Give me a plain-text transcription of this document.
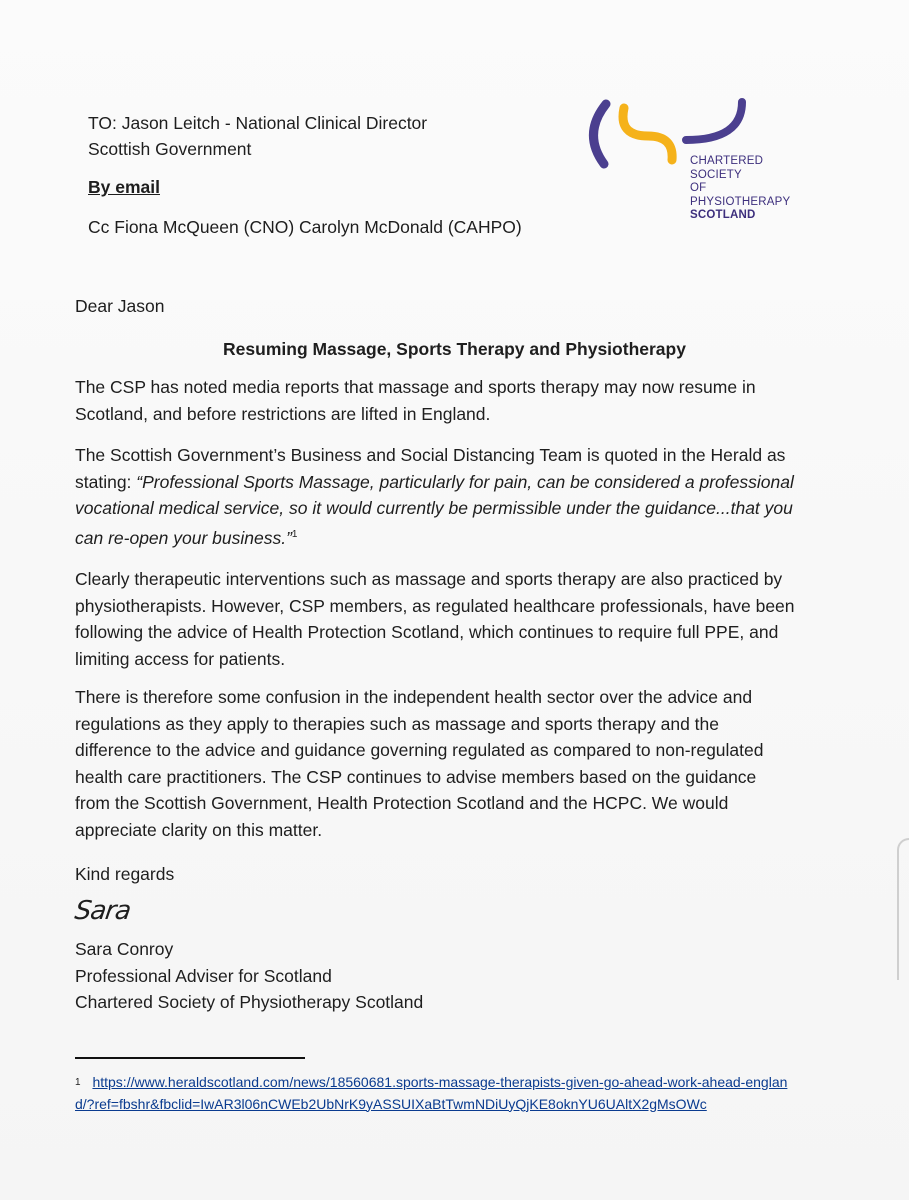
TO: Jason Leitch - National Clinical Director
Scottish Government
By email
Cc Fiona McQueen (CNO) Carolyn McDonald (CAHPO)
CHARTERED
SOCIETY
OF
PHYSIOTHERAPY
SCOTLAND
Dear Jason
Resuming Massage, Sports Therapy and Physiotherapy

The CSP has noted media reports that massage and sports therapy may now resume in Scotland, and before restrictions are lifted in England.

The Scottish Government’s Business and Social Distancing Team is quoted in the Herald as stating: “Professional Sports Massage, particularly for pain, can be considered a professional vocational medical service, so it would currently be permissible under the guidance...that you can re-open your business.”$^1$

Clearly therapeutic interventions such as massage and sports therapy are also practiced by physiotherapists. However, CSP members, as regulated healthcare professionals, have been following the advice of Health Protection Scotland, which continues to require full PPE, and limiting access for patients.

There is therefore some confusion in the independent health sector over the advice and regulations as they apply to therapies such as massage and sports therapy and the difference to the advice and guidance governing regulated as compared to non-regulated health care practitioners. The CSP continues to advise members based on the guidance from the Scottish Government, Health Protection Scotland and the HCPC. We would appreciate clarity on this matter.

Kind regards
Sara
Sara Conroy
Professional Adviser for Scotland
Chartered Society of Physiotherapy Scotland
$^1$ https://www.heraldscotland.com/news/18560681.sports-massage-therapists-given-go-ahead-work-ahead-england/?ref=fbshr&fbclid=IwAR3l06nCWEb2UbNrK9yASSUIXaBtTwmNDiUyQjKE8oknYU6UAltX2gMsOWc
